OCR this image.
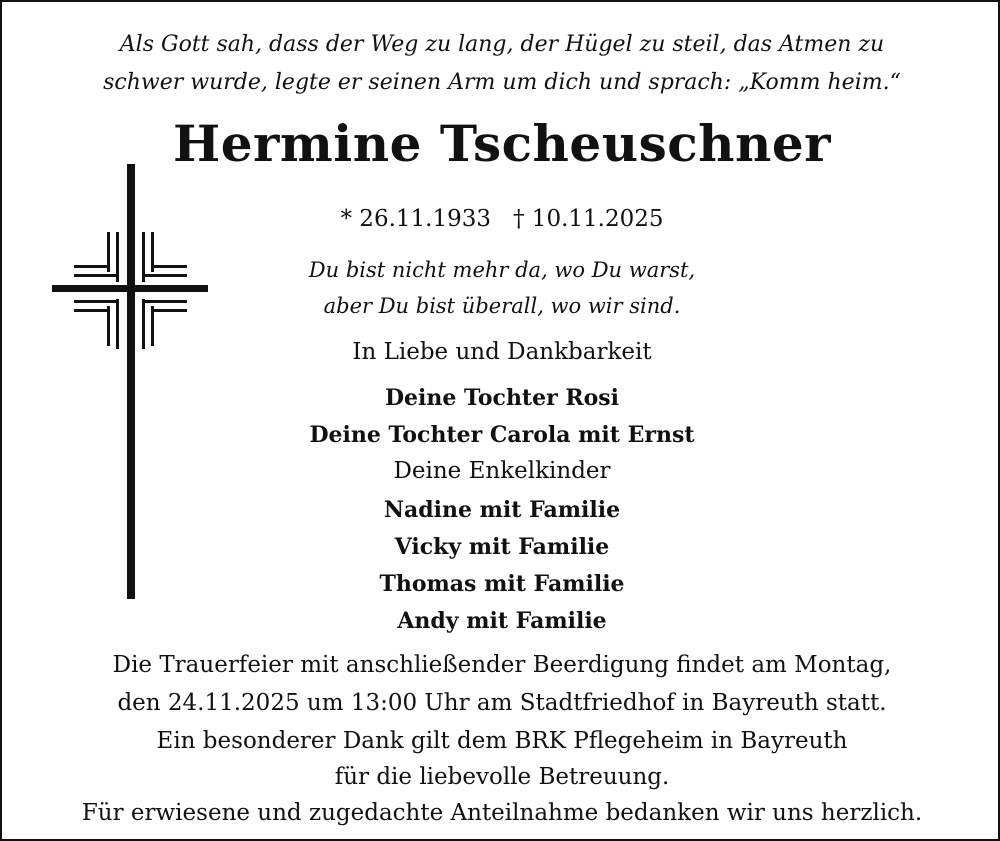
Als Gott sah, dass der Weg zu lang, der Hügel zu steil, das Atmen zu
schwer wurde, legte er seinen Arm um dich und sprach: „Komm heim.“
Hermine Tscheuschner
* 26.11.1933 † 10.11.2025
Du bist nicht mehr da, wo Du warst,
aber Du bist überall, wo wir sind.
In Liebe und Dankbarkeit
Deine Tochter Rosi
Deine Tochter Carola mit Ernst
Deine Enkelkinder
Nadine mit Familie
Vicky mit Familie
Thomas mit Familie
Andy mit Familie
Die Trauerfeier mit anschließender Beerdigung findet am Montag,
den 24.11.2025 um 13:00 Uhr am Stadtfriedhof in Bayreuth statt.
Ein besonderer Dank gilt dem BRK Pflegeheim in Bayreuth
für die liebevolle Betreuung.
Für erwiesene und zugedachte Anteilnahme bedanken wir uns herzlich.
